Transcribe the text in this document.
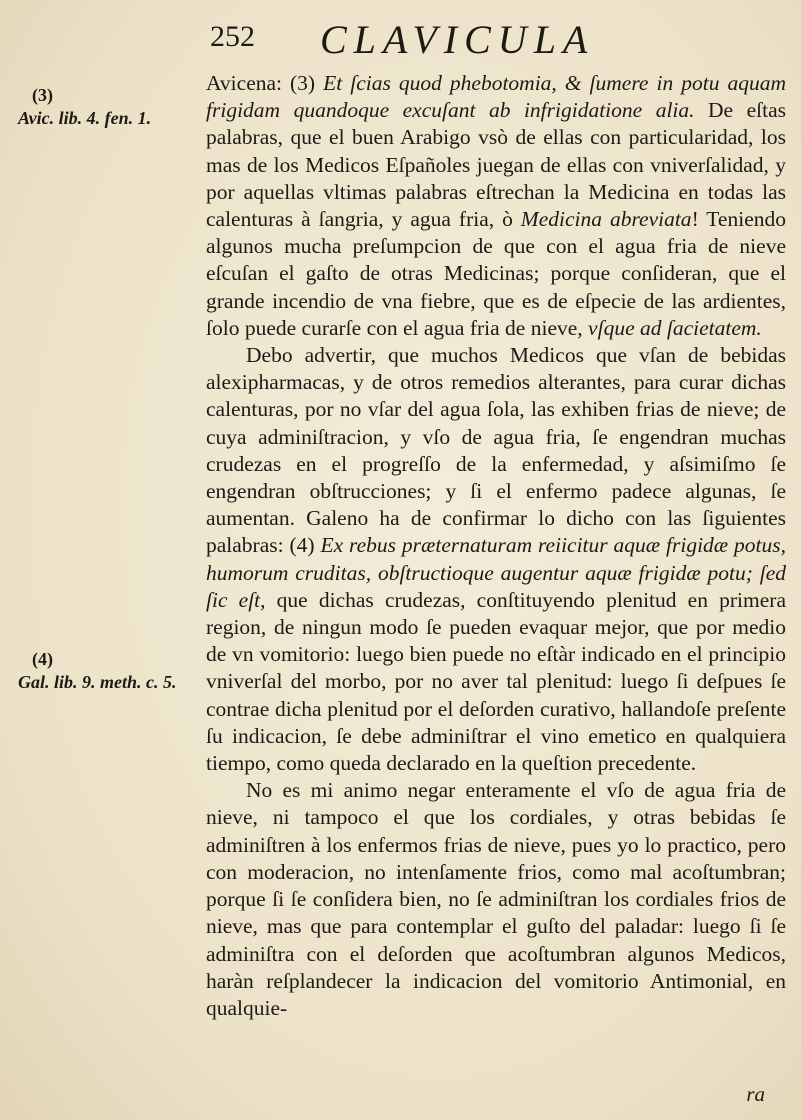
252 CLAVICULA
(3)
Avic. lib. 4. fen. 1.
(4)
Gal. lib. 9. meth. c. 5.

Avicena: (3) Et ſcias quod phebotomia, & ſumere in potu aquam frigidam quandoque excuſant ab infrigidatione alia. De eſtas palabras, que el buen Arabigo vsò de ellas con particularidad, los mas de los Medicos Eſpañoles juegan de ellas con vniverſalidad, y por aquellas vltimas palabras eſtrechan la Medicina en todas las calenturas à ſangria, y agua fria, ò Medicina abreviata! Teniendo algunos mucha preſumpcion de que con el agua fria de nieve eſcuſan el gaſto de otras Medicinas; porque conſideran, que el grande incendio de vna fiebre, que es de eſpecie de las ardientes, ſolo puede curarſe con el agua fria de nieve, vſque ad ſacietatem.

Debo advertir, que muchos Medicos que vſan de bebidas alexipharmacas, y de otros remedios alterantes, para curar dichas calenturas, por no vſar del agua ſola, las exhiben frias de nieve; de cuya adminiſtracion, y vſo de agua fria, ſe engendran muchas crudezas en el progreſſo de la enfermedad, y aſsimiſmo ſe engendran obſtrucciones; y ſi el enfermo padece algunas, ſe aumentan. Galeno ha de confirmar lo dicho con las ſiguientes palabras: (4) Ex rebus præternaturam reiicitur aquæ frigidæ potus, humorum cruditas, obſtructioque augentur aquæ frigidæ potu; ſed ſic eſt, que dichas crudezas, conſtituyendo plenitud en primera region, de ningun modo ſe pueden evaquar mejor, que por medio de vn vomitorio: luego bien puede no eſtàr indicado en el principio vniverſal del morbo, por no aver tal plenitud: luego ſi deſpues ſe contrae dicha plenitud por el deſorden curativo, hallandoſe preſente ſu indicacion, ſe debe adminiſtrar el vino emetico en qualquiera tiempo, como queda declarado en la queſtion precedente.

No es mi animo negar enteramente el vſo de agua fria de nieve, ni tampoco el que los cordiales, y otras bebidas ſe adminiſtren à los enfermos frias de nieve, pues yo lo practico, pero con moderacion, no intenſamente frios, como mal acoſtumbran; porque ſi ſe conſidera bien, no ſe adminiſtran los cordiales frios de nieve, mas que para contemplar el guſto del paladar: luego ſi ſe adminiſtra con el deſorden que acoſtumbran algunos Medicos, haràn reſplandecer la indicacion del vomitorio Antimonial, en qualquie-

ra
